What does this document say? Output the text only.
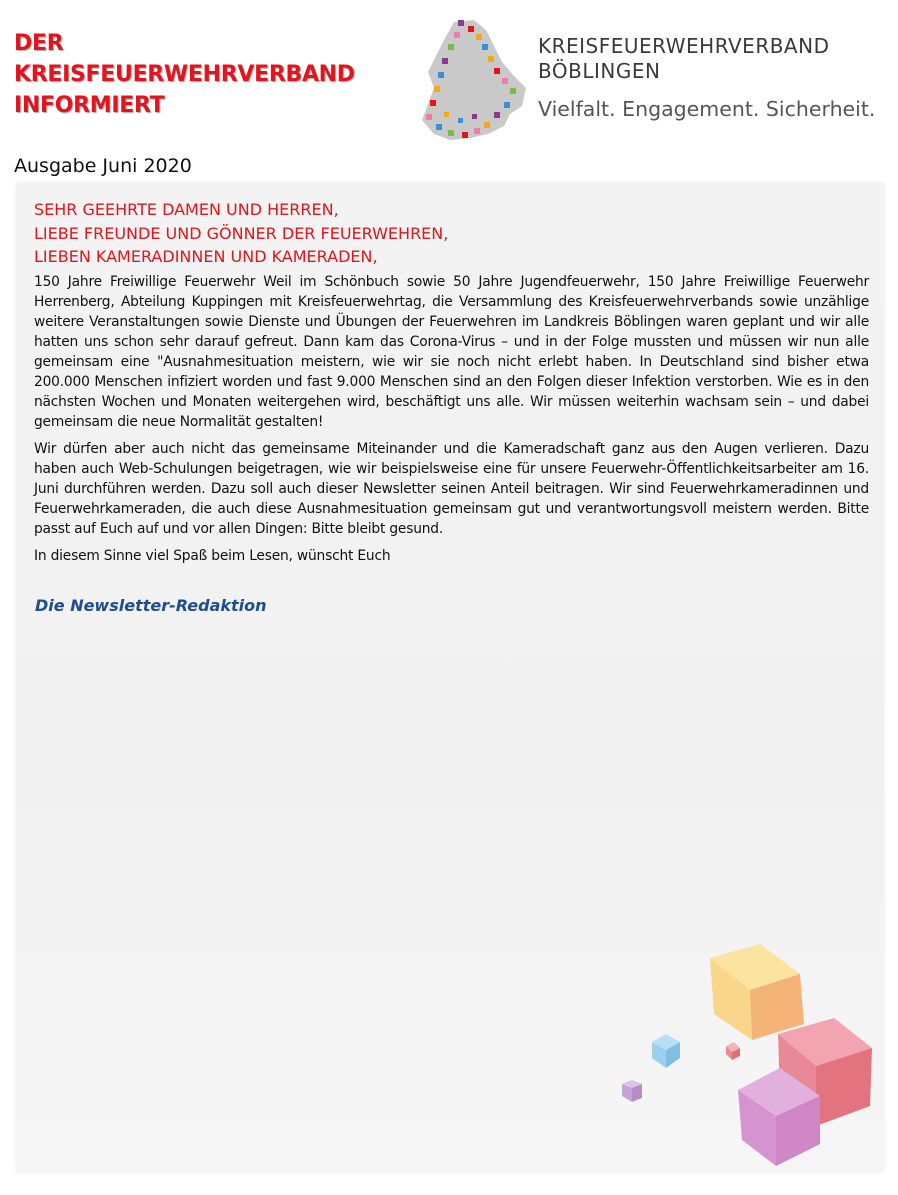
DER
KREISFEUERWEHRVERBAND
INFORMIERT
KREISFEUERWEHRVERBAND
BÖBLINGEN
Vielfalt. Engagement. Sicherheit.
Ausgabe Juni 2020
SEHR GEEHRTE DAMEN UND HERREN,
LIEBE FREUNDE UND GÖNNER DER FEUERWEHREN,
LIEBEN KAMERADINNEN UND KAMERADEN,

150 Jahre Freiwillige Feuerwehr Weil im Schönbuch sowie 50 Jahre Jugendfeuerwehr, 150 Jahre Freiwillige Feuerwehr Herrenberg, Abteilung Kuppingen mit Kreisfeuerwehrtag, die Versammlung des Kreisfeuerwehrverbands sowie unzählige weitere Veranstaltungen sowie Dienste und Übungen der Feuerwehren im Landkreis Böblingen waren geplant und wir alle hatten uns schon sehr darauf gefreut. Dann kam das Corona-Virus – und in der Folge mussten und müssen wir nun alle gemeinsam eine "Ausnahmesituation meistern, wie wir sie noch nicht erlebt haben. In Deutschland sind bisher etwa 200.000 Menschen infiziert worden und fast 9.000 Menschen sind an den Folgen dieser Infektion verstorben. Wie es in den nächsten Wochen und Monaten weitergehen wird, beschäftigt uns alle. Wir müssen weiterhin wachsam sein – und dabei gemeinsam die neue Normalität gestalten!

Wir dürfen aber auch nicht das gemeinsame Miteinander und die Kameradschaft ganz aus den Augen verlieren. Dazu haben auch Web-Schulungen beigetragen, wie wir beispielsweise eine für unsere Feuerwehr-Öffentlichkeitsarbeiter am 16. Juni durchführen werden. Dazu soll auch dieser Newsletter seinen Anteil beitragen. Wir sind Feuerwehrkameradinnen und Feuerwehrkameraden, die auch diese Ausnahmesituation gemeinsam gut und verantwortungsvoll meistern werden. Bitte passt auf Euch auf und vor allen Dingen: Bitte bleibt gesund.

In diesem Sinne viel Spaß beim Lesen, wünscht Euch

Die Newsletter-Redaktion
